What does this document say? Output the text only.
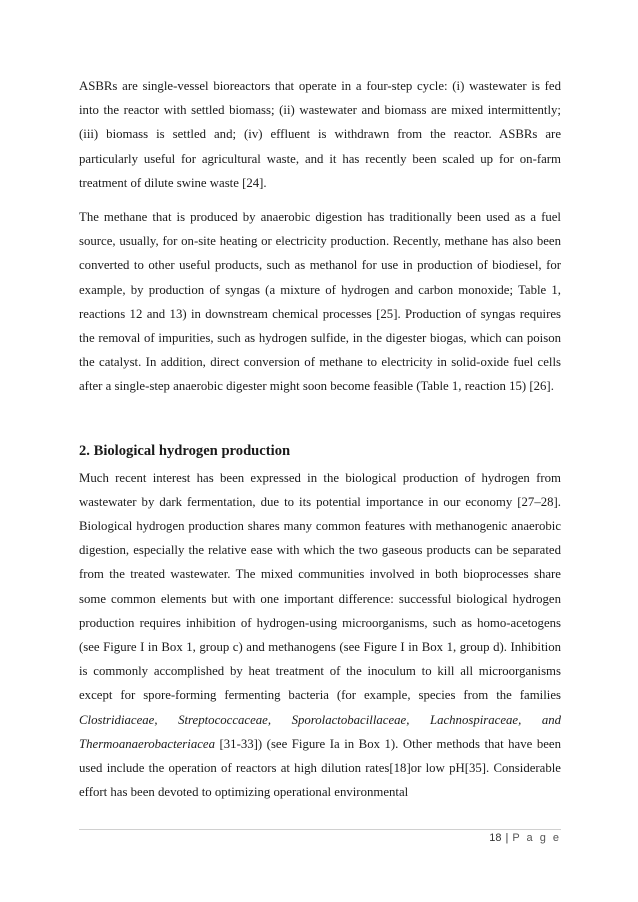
ASBRs are single-vessel bioreactors that operate in a four-step cycle: (i) wastewater is fed into the reactor with settled biomass; (ii) wastewater and biomass are mixed intermittently; (iii) biomass is settled and; (iv) effluent is withdrawn from the reactor. ASBRs are particularly useful for agricultural waste, and it has recently been scaled up for on-farm treatment of dilute swine waste [24].

The methane that is produced by anaerobic digestion has traditionally been used as a fuel source, usually, for on-site heating or electricity production. Recently, methane has also been converted to other useful products, such as methanol for use in production of biodiesel, for example, by production of syngas (a mixture of hydrogen and carbon monoxide; Table 1, reactions 12 and 13) in downstream chemical processes [25]. Production of syngas requires the removal of impurities, such as hydrogen sulfide, in the digester biogas, which can poison the catalyst. In addition, direct conversion of methane to electricity in solid-oxide fuel cells after a single-step anaerobic digester might soon become feasible (Table 1, reaction 15) [26].

2. Biological hydrogen production

Much recent interest has been expressed in the biological production of hydrogen from wastewater by dark fermentation, due to its potential importance in our economy [27–28]. Biological hydrogen production shares many common features with methanogenic anaerobic digestion, especially the relative ease with which the two gaseous products can be separated from the treated wastewater. The mixed communities involved in both bioprocesses share some common elements but with one important difference: successful biological hydrogen production requires inhibition of hydrogen-using microorganisms, such as homo-acetogens (see Figure I in Box 1, group c) and methanogens (see Figure I in Box 1, group d). Inhibition is commonly accomplished by heat treatment of the inoculum to kill all microorganisms except for spore-forming fermenting bacteria (for example, species from the families Clostridiaceae, Streptococcaceae, Sporolactobacillaceae, Lachnospiraceae, and Thermoanaerobacteriacea [31-33]) (see Figure Ia in Box 1). Other methods that have been used include the operation of reactors at high dilution rates[18]or low pH[35]. Considerable effort has been devoted to optimizing operational environmental

18 | P a g e
